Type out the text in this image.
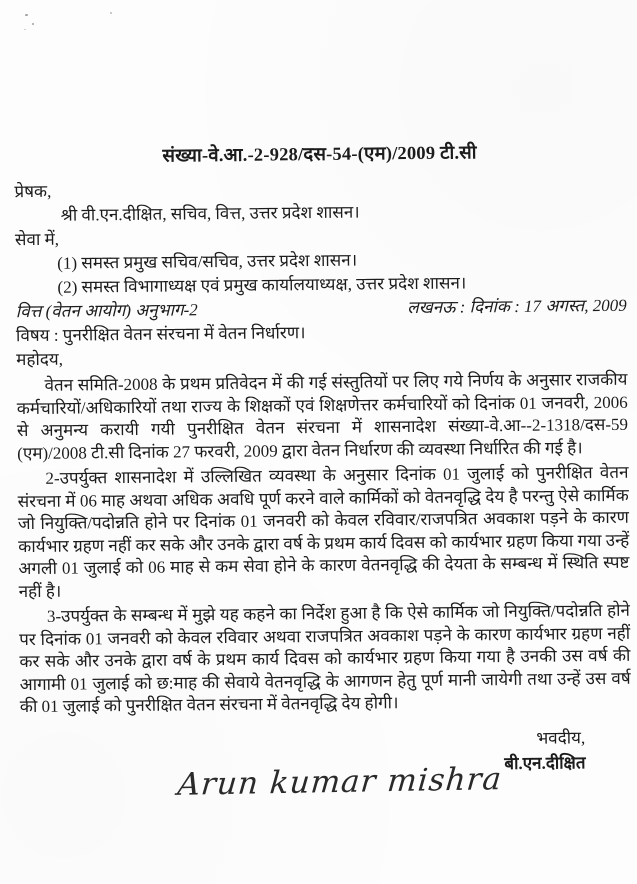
संख्या-वे.आ.-2-928/दस-54-(एम)/2009 टी.सी
प्रेषक,
श्री वी.एन.दीक्षित, सचिव, वित्त, उत्तर प्रदेश शासन।
सेवा में,
(1) समस्त प्रमुख सचिव/सचिव, उत्तर प्रदेश शासन।
(2) समस्त विभागाध्यक्ष एवं प्रमुख कार्यालयाध्यक्ष, उत्तर प्रदेश शासन।
वित्त (वेतन आयोग) अनुभाग-2	लखनऊ : दिनांक : 17 अगस्त, 2009
विषय : पुनरीक्षित वेतन संरचना में वेतन निर्धारण।
महोदय,

वेतन समिति-2008 के प्रथम प्रतिवेदन में की गई संस्तुतियों पर लिए गये निर्णय के अनुसार राजकीय कर्मचारियों/अधिकारियों तथा राज्य के शिक्षकों एवं शिक्षणेत्तर कर्मचारियों को दिनांक 01 जनवरी, 2006 से अनुमन्य करायी गयी पुनरीक्षित वेतन संरचना में शासनादेश संख्या-वे.आ--2-1318/दस-59 (एम)/2008 टी.सी दिनांक 27 फरवरी, 2009 द्वारा वेतन निर्धारण की व्यवस्था निर्धारित की गई है।

2-उपर्युक्त शासनादेश में उल्लिखित व्यवस्था के अनुसार दिनांक 01 जुलाई को पुनरीक्षित वेतन संरचना में 06 माह अथवा अधिक अवधि पूर्ण करने वाले कार्मिकों को वेतनवृद्धि देय है परन्तु ऐसे कार्मिक जो नियुक्ति/पदोन्नति होने पर दिनांक 01 जनवरी को केवल रविवार/राजपत्रित अवकाश पड़ने के कारण कार्यभार ग्रहण नहीं कर सके और उनके द्वारा वर्ष के प्रथम कार्य दिवस को कार्यभार ग्रहण किया गया उन्हें अगली 01 जुलाई को 06 माह से कम सेवा होने के कारण वेतनवृद्धि की देयता के सम्बन्ध में स्थिति स्पष्ट नहीं है।

3-उपर्युक्त के सम्बन्ध में मुझे यह कहने का निर्देश हुआ है कि ऐसे कार्मिक जो नियुक्ति/पदोन्नति होने पर दिनांक 01 जनवरी को केवल रविवार अथवा राजपत्रित अवकाश पड़ने के कारण कार्यभार ग्रहण नहीं कर सके और उनके द्वारा वर्ष के प्रथम कार्य दिवस को कार्यभार ग्रहण किया गया है उनकी उस वर्ष की आगामी 01 जुलाई को छ:माह की सेवाये वेतनवृद्धि के आगणन हेतु पूर्ण मानी जायेगी तथा उन्हें उस वर्ष की 01 जुलाई को पुनरीक्षित वेतन संरचना में वेतनवृद्धि देय होगी।

भवदीय,
बी.एन.दीक्षित
Arun kumar mishra
